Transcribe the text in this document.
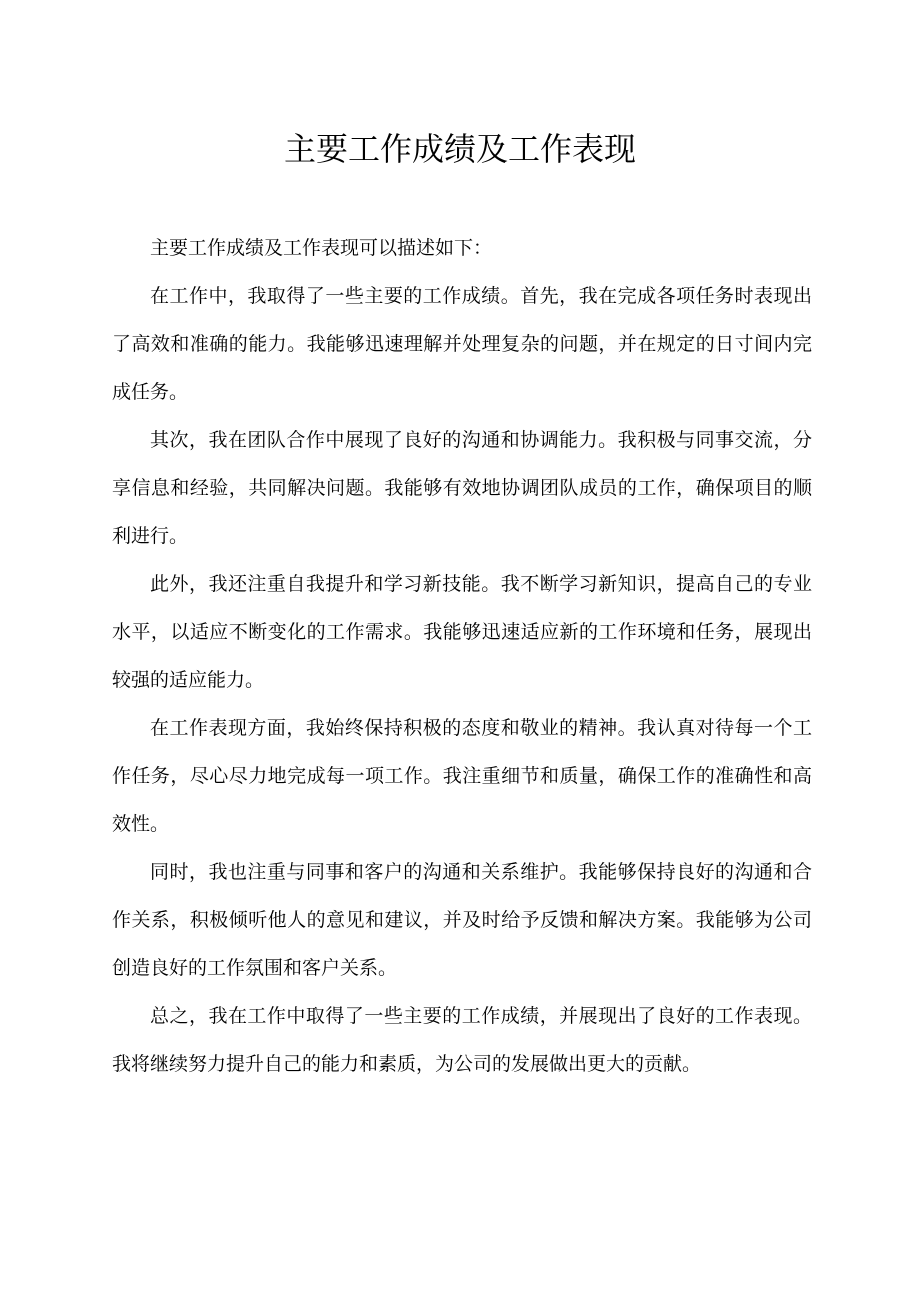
主要工作成绩及工作表现

主要工作成绩及工作表现可以描述如下：

在工作中，我取得了一些主要的工作成绩。首先，我在完成各项任务时表现出了高效和准确的能力。我能够迅速理解并处理复杂的问题，并在规定的日寸间内完成任务。

其次，我在团队合作中展现了良好的沟通和协调能力。我积极与同事交流，分享信息和经验，共同解决问题。我能够有效地协调团队成员的工作，确保项目的顺利进行。

此外，我还注重自我提升和学习新技能。我不断学习新知识，提高自己的专业水平，以适应不断变化的工作需求。我能够迅速适应新的工作环境和任务，展现出较强的适应能力。

在工作表现方面，我始终保持积极的态度和敬业的精神。我认真对待每一个工作任务，尽心尽力地完成每一项工作。我注重细节和质量，确保工作的准确性和高效性。

同时，我也注重与同事和客户的沟通和关系维护。我能够保持良好的沟通和合作关系，积极倾听他人的意见和建议，并及时给予反馈和解决方案。我能够为公司创造良好的工作氛围和客户关系。

总之，我在工作中取得了一些主要的工作成绩，并展现出了良好的工作表现。我将继续努力提升自己的能力和素质，为公司的发展做出更大的贡献。
